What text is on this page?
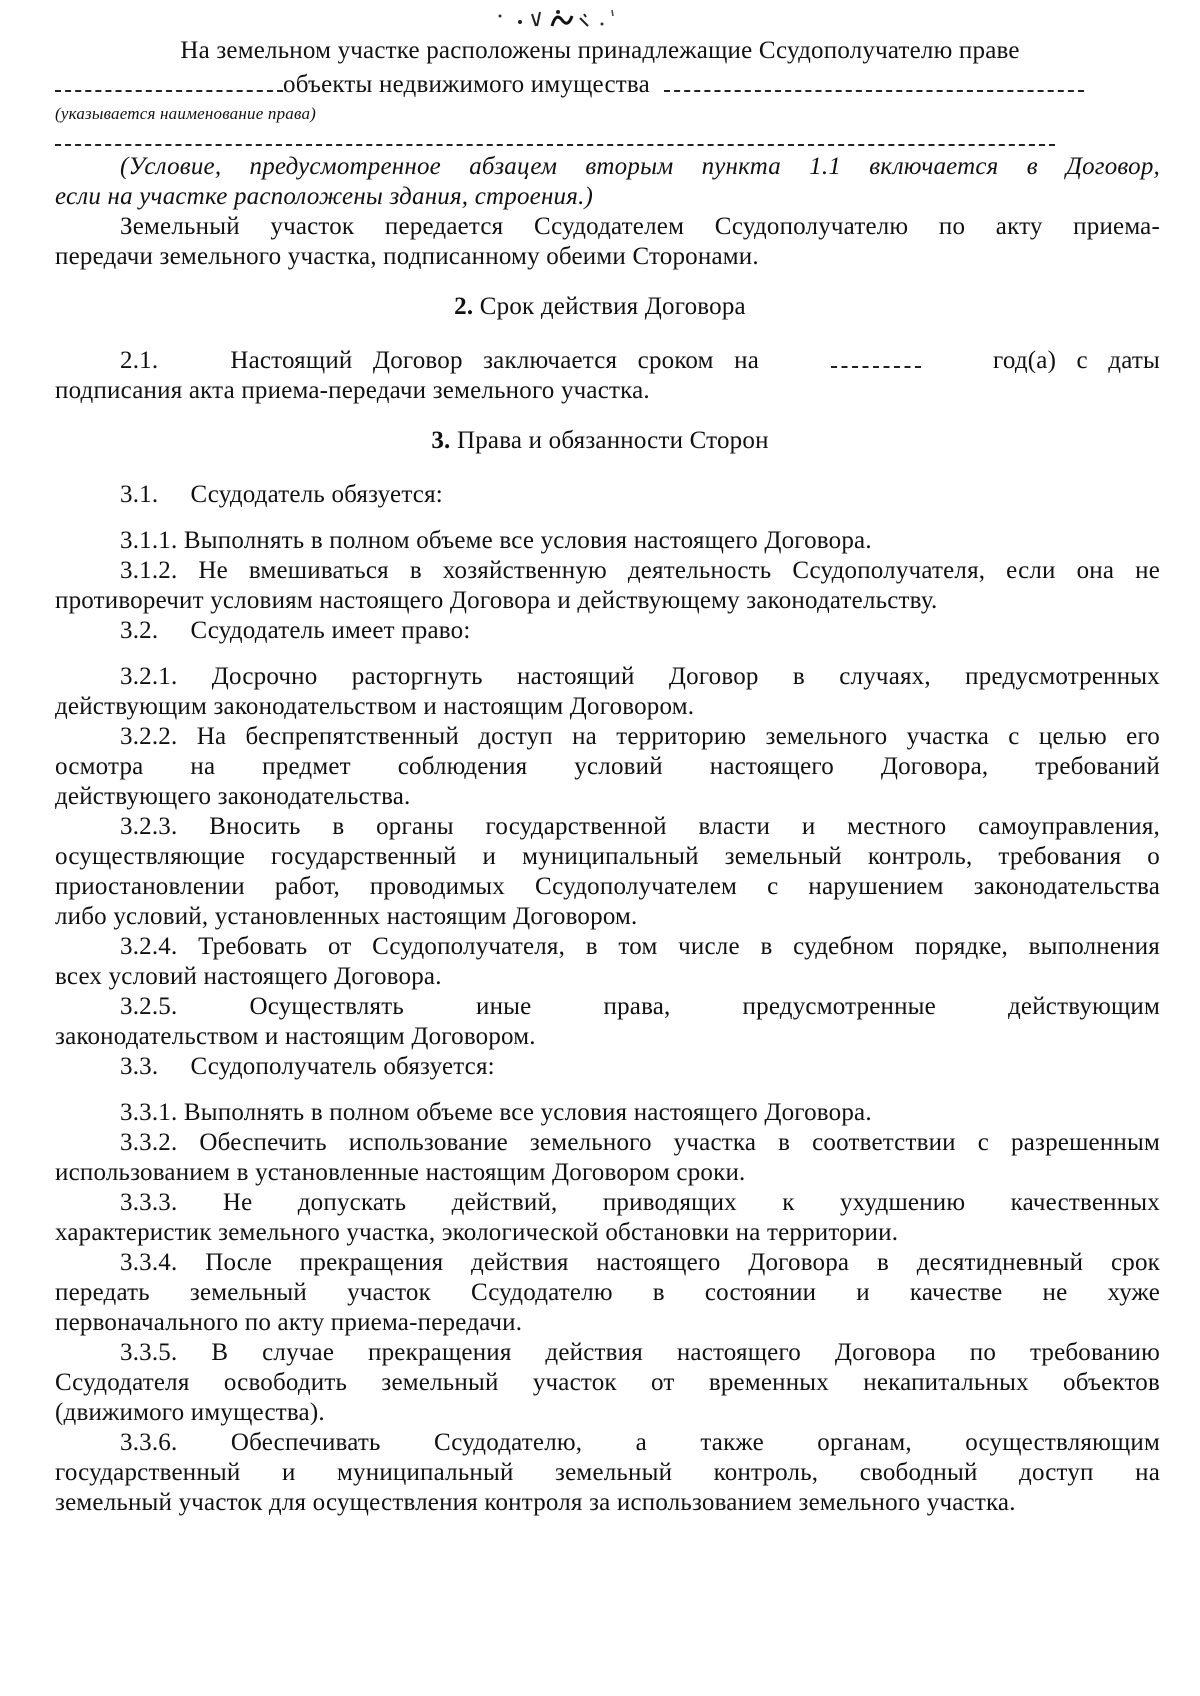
На земельном участке расположены принадлежащие Ссудополучателю праве
объекты недвижимого имущества
(указывается наименование права)
(Условие, предусмотренное абзацем вторым пункта 1.1 включается в Договор,
если на участке расположены здания, строения.)
Земельный участок передается Ссудодателем Ссудополучателю по акту приема-
передачи земельного участка, подписанному обеими Сторонами.
2. Срок действия Договора
2.1.	Настоящий Договор заключается сроком на	год(а) с даты
подписания акта приема-передачи земельного участка.
3. Права и обязанности Сторон
3.1.     Ссудодатель обязуется:
3.1.1. Выполнять в полном объеме все условия настоящего Договора.
3.1.2. Не вмешиваться в хозяйственную деятельность Ссудополучателя, если она не
противоречит условиям настоящего Договора и действующему законодательству.
3.2.     Ссудодатель имеет право:
3.2.1. Досрочно расторгнуть настоящий Договор в случаях, предусмотренных
действующим законодательством и настоящим Договором.
3.2.2. На беспрепятственный доступ на территорию земельного участка с целью его
осмотра на предмет соблюдения условий настоящего Договора, требований
действующего законодательства.
3.2.3. Вносить в органы государственной власти и местного самоуправления,
осуществляющие государственный и муниципальный земельный контроль, требования о
приостановлении работ, проводимых Ссудополучателем с нарушением законодательства
либо условий, установленных настоящим Договором.
3.2.4. Требовать от Ссудополучателя, в том числе в судебном порядке, выполнения
всех условий настоящего Договора.
3.2.5. Осуществлять иные права, предусмотренные действующим
законодательством и настоящим Договором.
3.3.     Ссудополучатель обязуется:
3.3.1. Выполнять в полном объеме все условия настоящего Договора.
3.3.2. Обеспечить использование земельного участка в соответствии с разрешенным
использованием в установленные настоящим Договором сроки.
3.3.3. Не допускать действий, приводящих к ухудшению качественных
характеристик земельного участка, экологической обстановки на территории.
3.3.4. После прекращения действия настоящего Договора в десятидневный срок
передать земельный участок Ссудодателю в состоянии и качестве не хуже
первоначального по акту приема-передачи.
3.3.5. В случае прекращения действия настоящего Договора по требованию
Ссудодателя освободить земельный участок от временных некапитальных объектов
(движимого имущества).
3.3.6. Обеспечивать Ссудодателю, а также органам, осуществляющим
государственный и муниципальный земельный контроль, свободный доступ на
земельный участок для осуществления контроля за использованием земельного участка.
